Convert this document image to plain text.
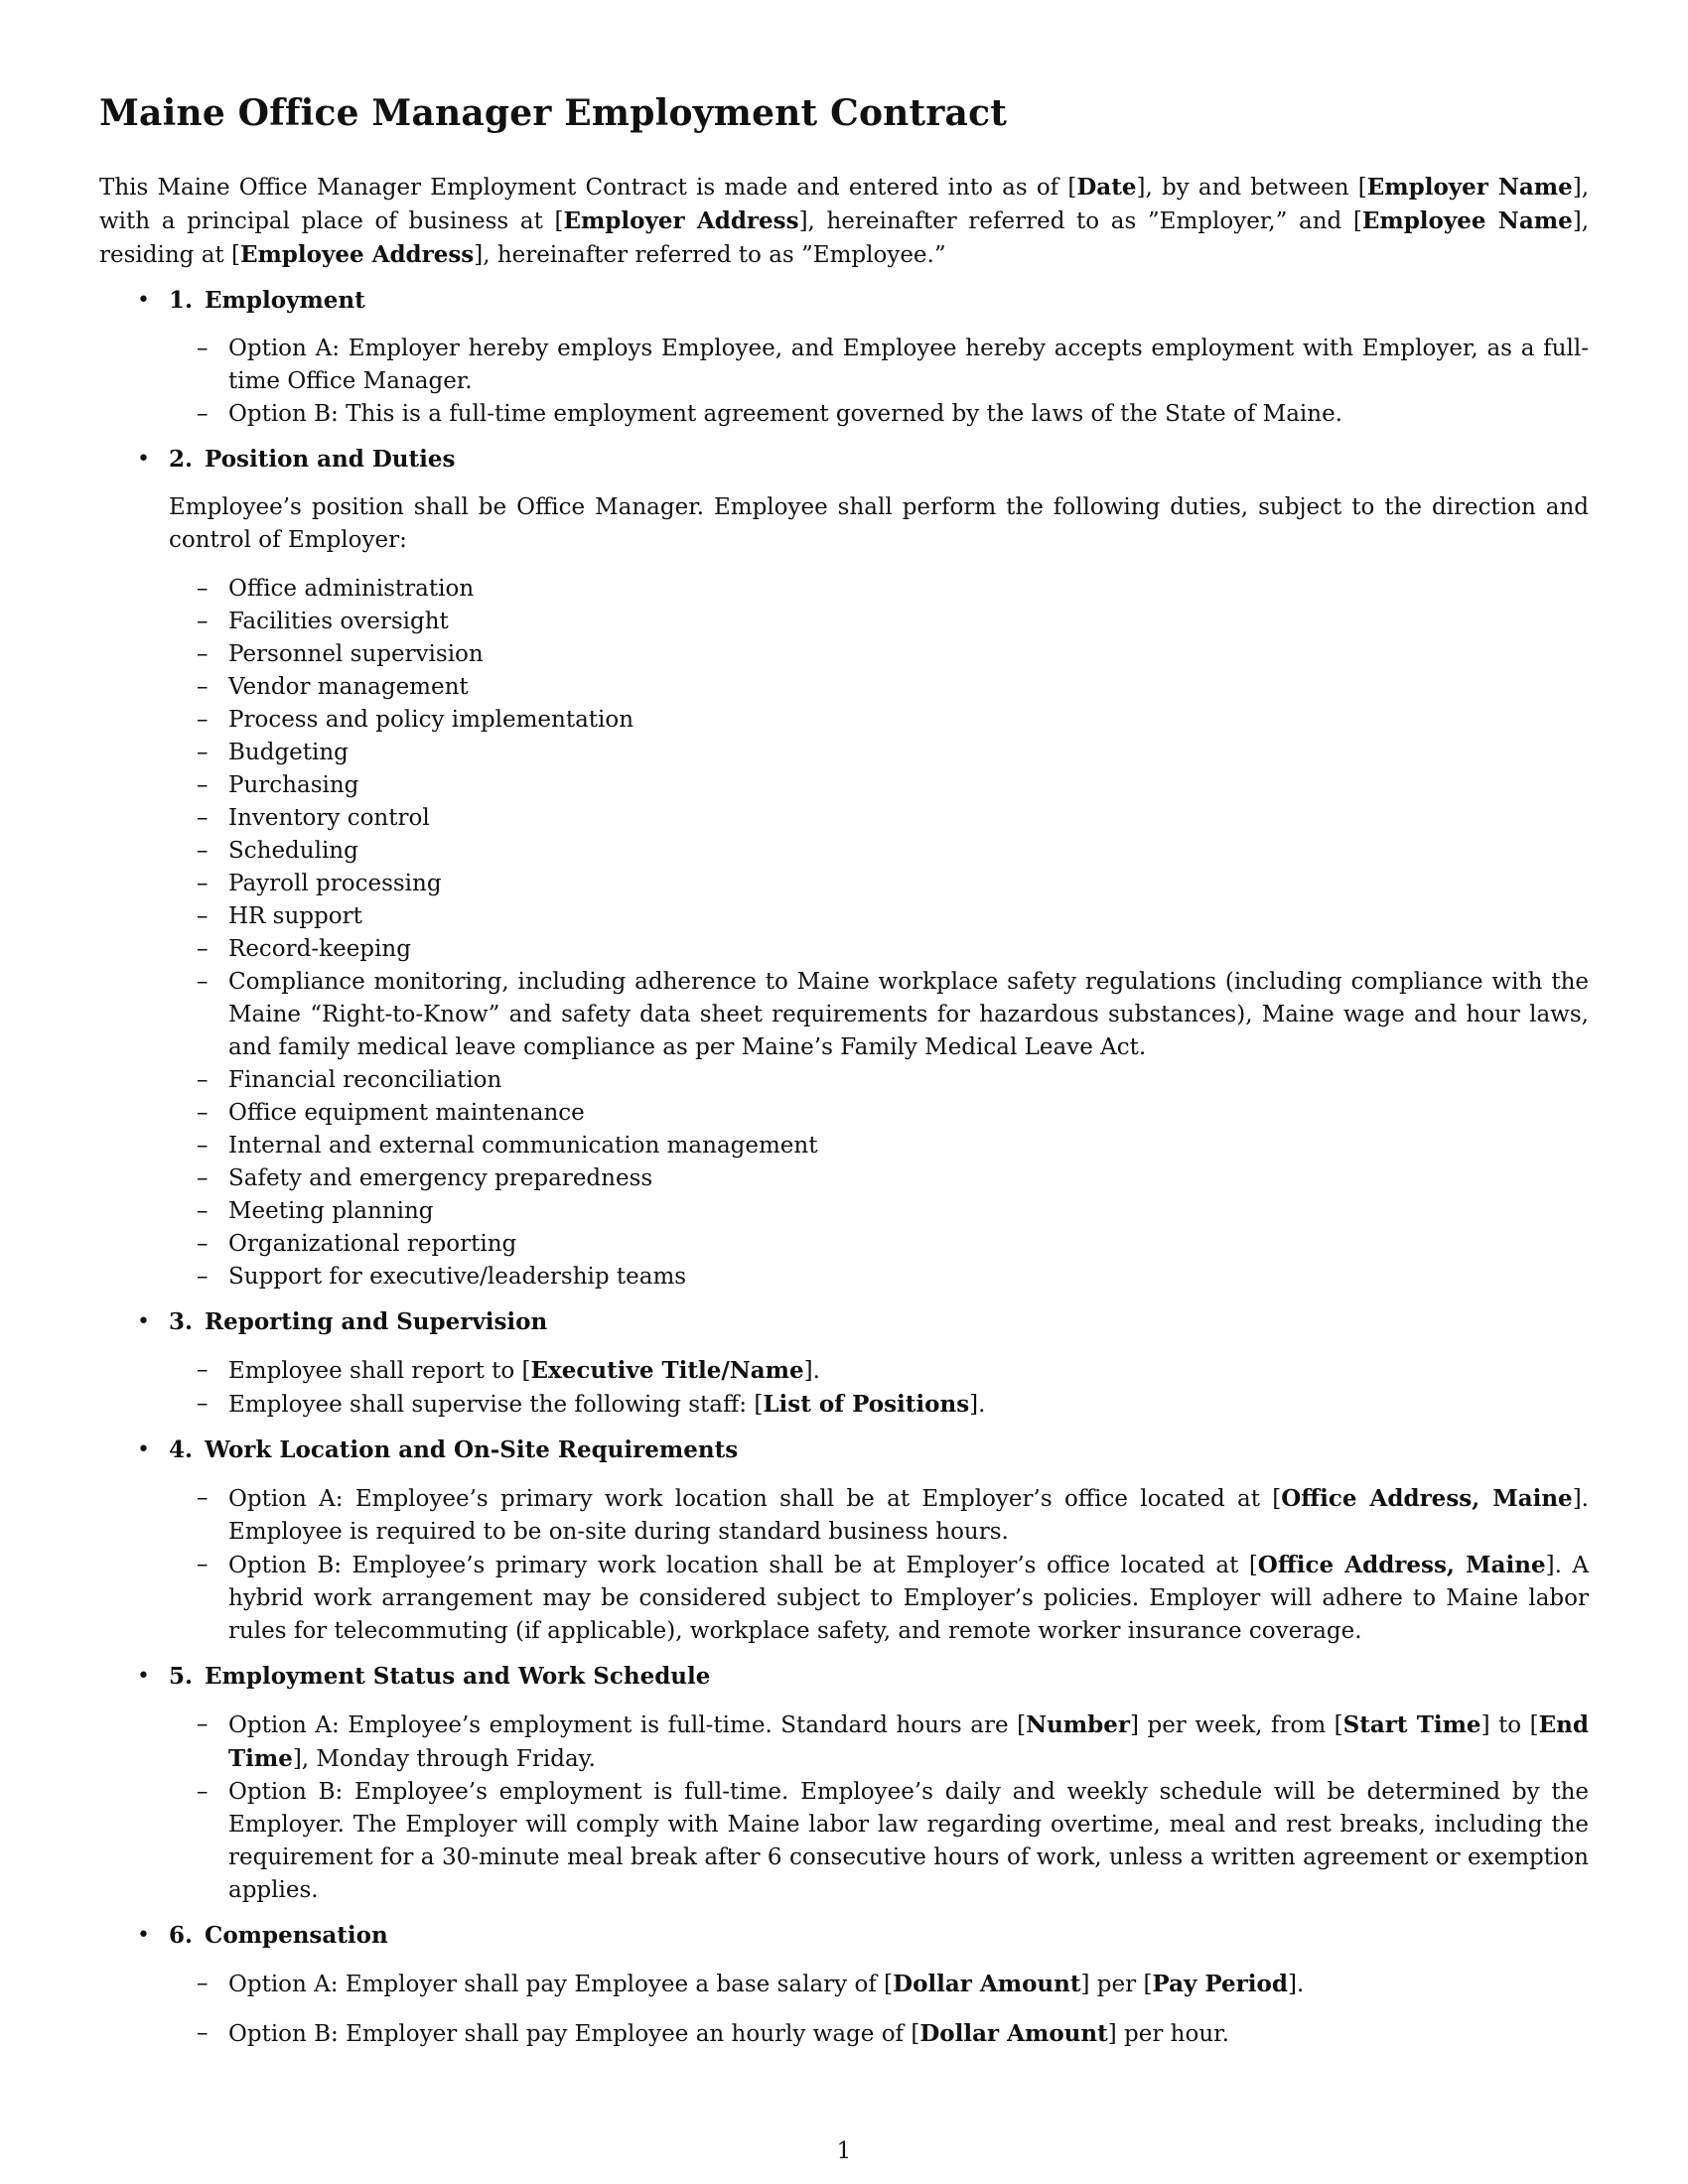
Maine Office Manager Employment Contract

This Maine Office Manager Employment Contract is made and entered into as of [Date], by and between [Employer Name], with a principal place of business at [Employer Address], hereinafter referred to as ”Employer,” and [Employee Name], residing at [Employee Address], hereinafter referred to as ”Employee.”

• 1. Employment
– Option A: Employer hereby employs Employee, and Employee hereby accepts employment with Employer, as a full-time Office Manager.
– Option B: This is a full-time employment agreement governed by the laws of the State of Maine.
• 2. Position and Duties

Employee’s position shall be Office Manager. Employee shall perform the following duties, subject to the direction and control of Employer:

– Office administration
– Facilities oversight
– Personnel supervision
– Vendor management
– Process and policy implementation
– Budgeting
– Purchasing
– Inventory control
– Scheduling
– Payroll processing
– HR support
– Record-keeping
– Compliance monitoring, including adherence to Maine workplace safety regulations (including compliance with the Maine “Right-to-Know” and safety data sheet requirements for hazardous substances), Maine wage and hour laws, and family medical leave compliance as per Maine’s Family Medical Leave Act.
– Financial reconciliation
– Office equipment maintenance
– Internal and external communication management
– Safety and emergency preparedness
– Meeting planning
– Organizational reporting
– Support for executive/leadership teams
• 3. Reporting and Supervision
– Employee shall report to [Executive Title/Name].
– Employee shall supervise the following staff: [List of Positions].
• 4. Work Location and On-Site Requirements
– Option A: Employee’s primary work location shall be at Employer’s office located at [Office Address, Maine]. Employee is required to be on-site during standard business hours.
– Option B: Employee’s primary work location shall be at Employer’s office located at [Office Address, Maine]. A hybrid work arrangement may be considered subject to Employer’s policies. Employer will adhere to Maine labor rules for telecommuting (if applicable), workplace safety, and remote worker insurance coverage.
• 5. Employment Status and Work Schedule
– Option A: Employee’s employment is full-time. Standard hours are [Number] per week, from [Start Time] to [End Time], Monday through Friday.
– Option B: Employee’s employment is full-time. Employee’s daily and weekly schedule will be determined by the Employer. The Employer will comply with Maine labor law regarding overtime, meal and rest breaks, including the requirement for a 30-minute meal break after 6 consecutive hours of work, unless a written agreement or exemption applies.
• 6. Compensation
– Option A: Employer shall pay Employee a base salary of [Dollar Amount] per [Pay Period].
– Option B: Employer shall pay Employee an hourly wage of [Dollar Amount] per hour.
1
